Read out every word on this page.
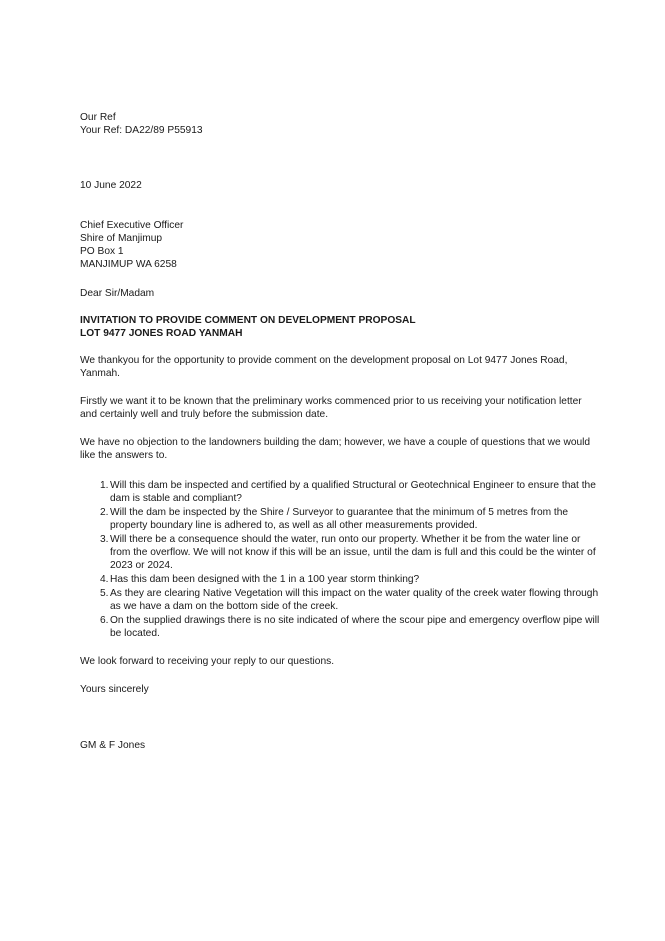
Our Ref
Your Ref: DA22/89 P55913
10 June 2022
Chief Executive Officer
Shire of Manjimup
PO Box 1
MANJIMUP WA 6258
Dear Sir/Madam
INVITATION TO PROVIDE COMMENT ON DEVELOPMENT PROPOSAL
LOT 9477 JONES ROAD YANMAH
We thankyou for the opportunity to provide comment on the development proposal on Lot 9477 Jones Road, Yanmah.
Firstly we want it to be known that the preliminary works commenced prior to us receiving your notification letter and certainly well and truly before the submission date.
We have no objection to the landowners building the dam; however, we have a couple of questions that we would like the answers to.
1. Will this dam be inspected and certified by a qualified Structural or Geotechnical Engineer to ensure that the dam is stable and compliant?
2. Will the dam be inspected by the Shire / Surveyor to guarantee that the minimum of 5 metres from the property boundary line is adhered to, as well as all other measurements provided.
3. Will there be a consequence should the water, run onto our property. Whether it be from the water line or from the overflow. We will not know if this will be an issue, until the dam is full and this could be the winter of 2023 or 2024.
4. Has this dam been designed with the 1 in a 100 year storm thinking?
5. As they are clearing Native Vegetation will this impact on the water quality of the creek water flowing through as we have a dam on the bottom side of the creek.
6. On the supplied drawings there is no site indicated of where the scour pipe and emergency overflow pipe will be located.
We look forward to receiving your reply to our questions.
Yours sincerely
GM & F Jones
